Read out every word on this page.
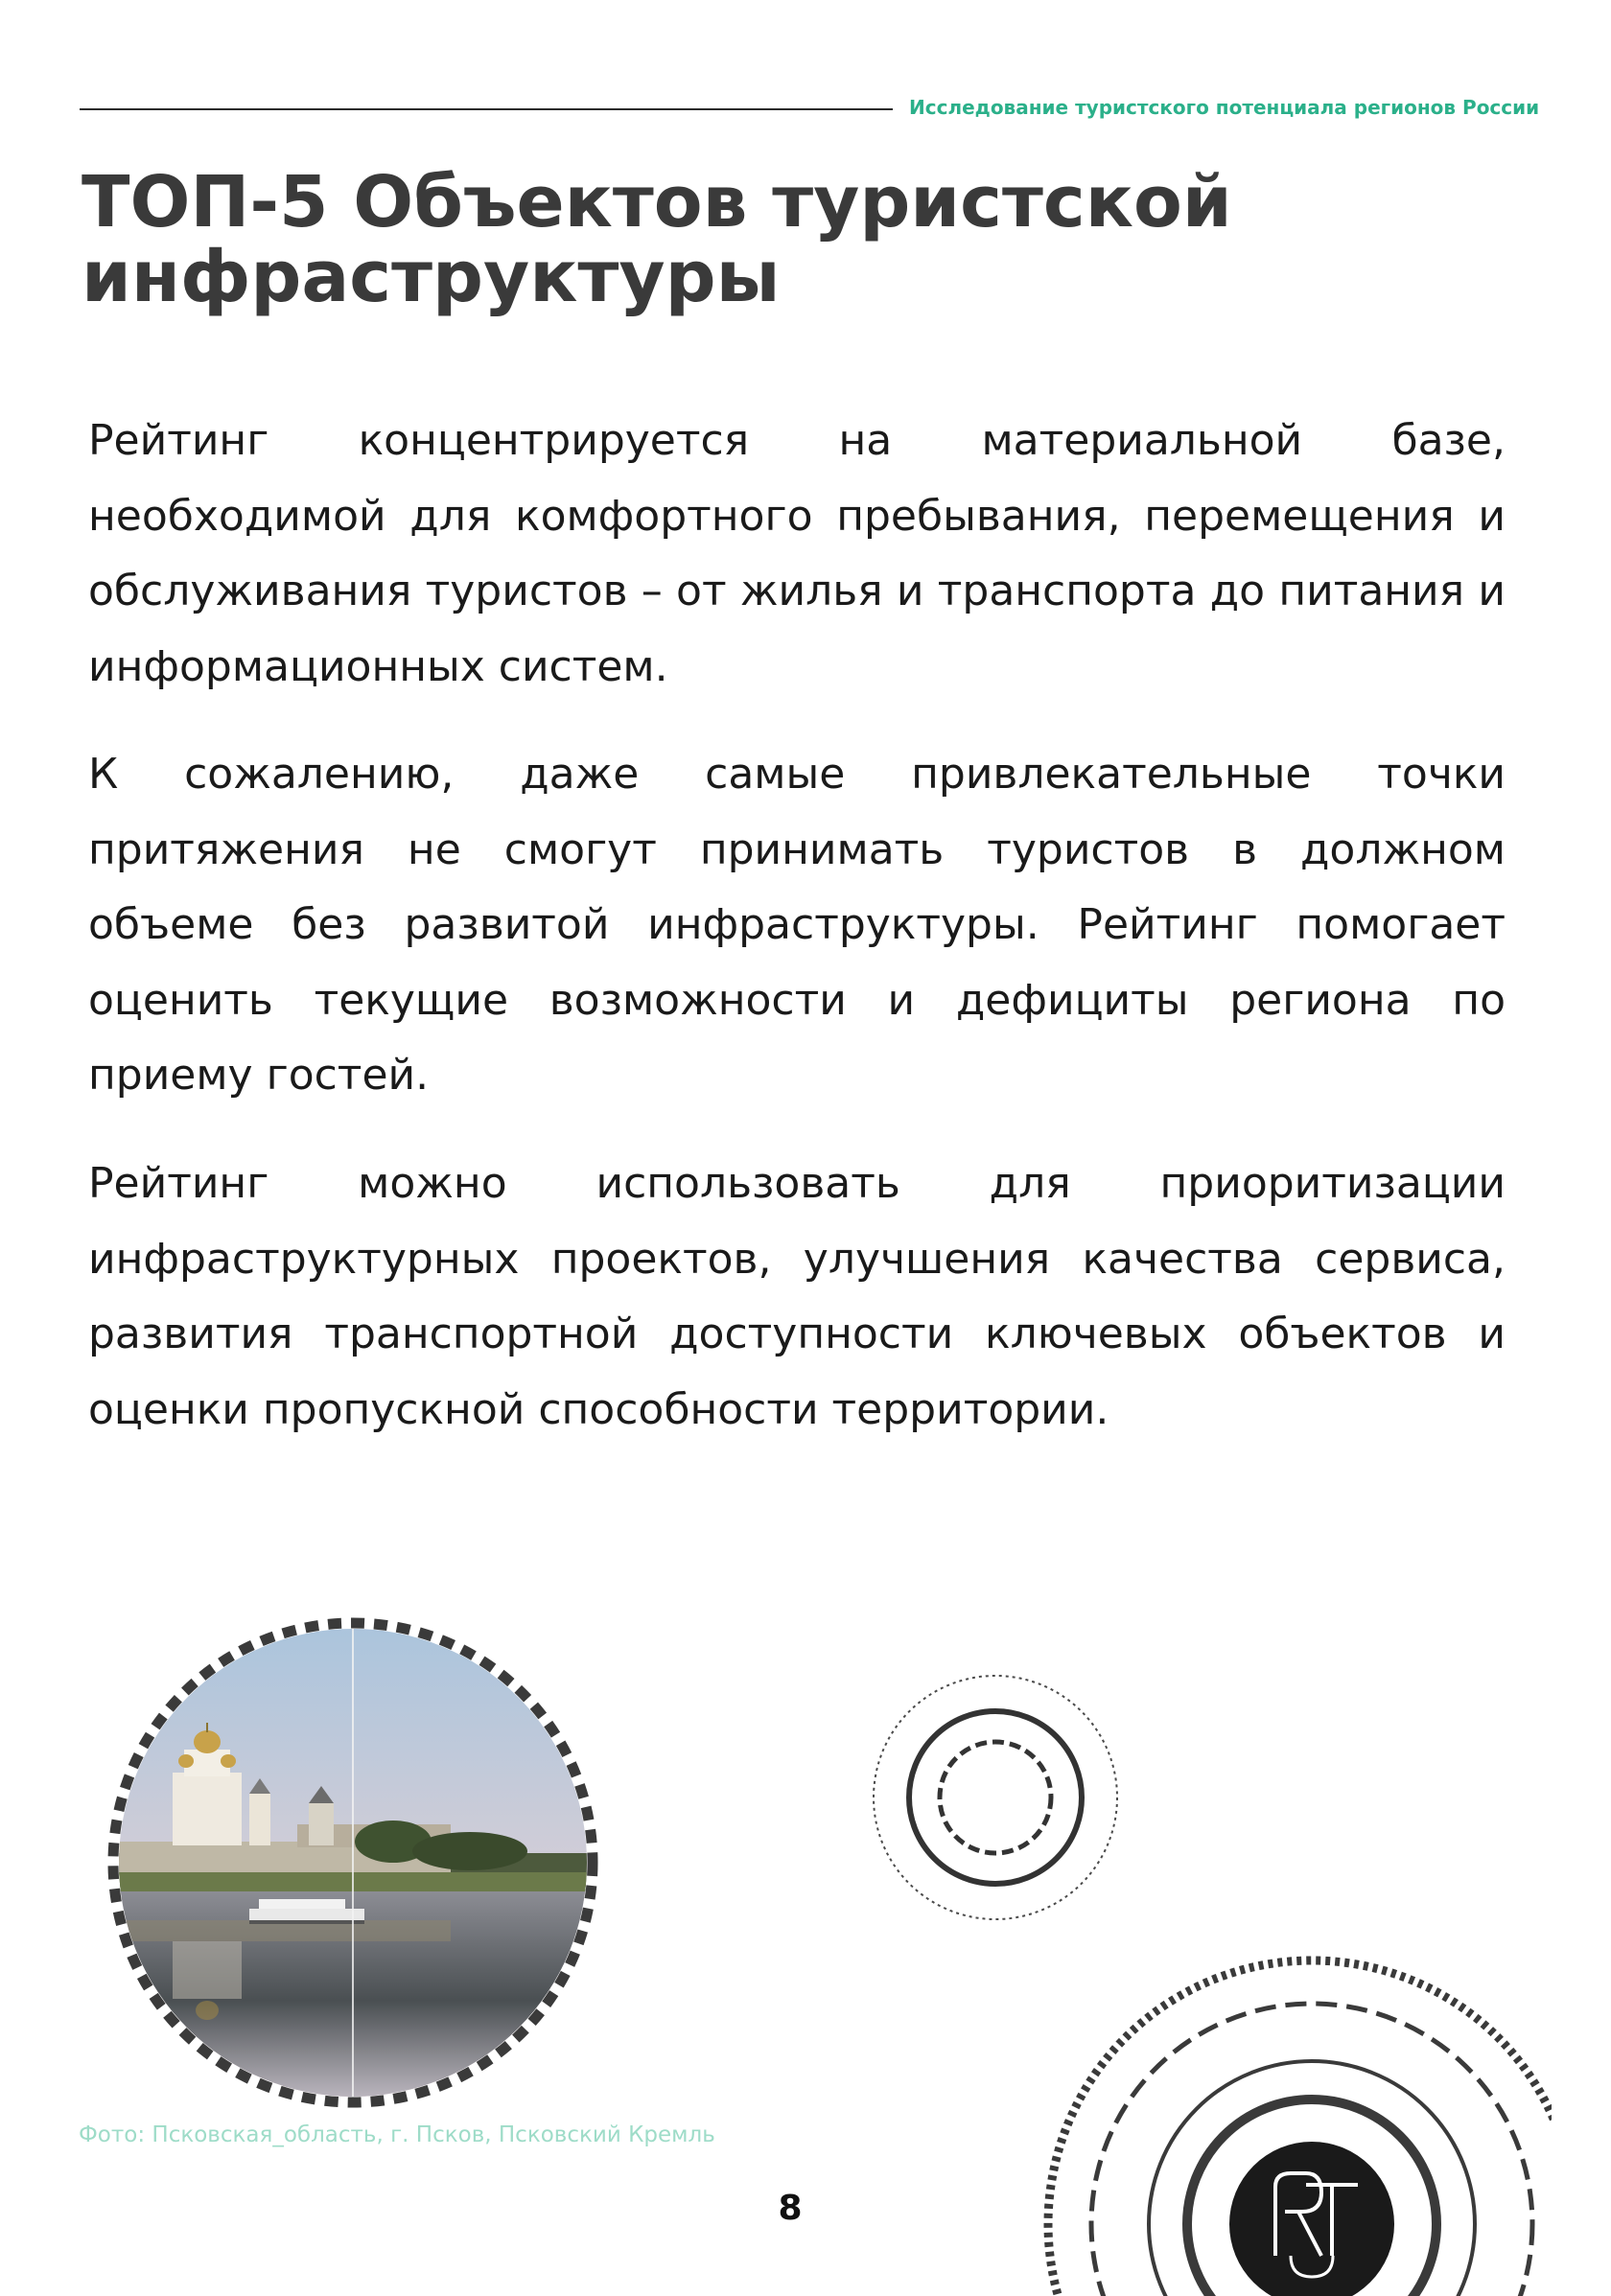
Исследование туристского потенциала регионов России
ТОП-5 Объектов туристской инфраструктуры

Рейтинг концентрируется на материальной базе, необходимой для комфортного пребывания, перемещения и обслуживания туристов – от жилья и транспорта до питания и информационных систем.

К сожалению, даже самые привлекательные точки притяжения не смогут принимать туристов в должном объеме без развитой инфраструктуры. Рейтинг помогает оценить текущие возможности и дефициты региона по приему гостей.

Рейтинг можно использовать для приоритизации инфраструктурных проектов, улучшения качества сервиса, развития транспортной доступности ключевых объектов и оценки пропускной способности территории.

Фото: Псковская_область, г. Псков, Псковский Кремль
8
